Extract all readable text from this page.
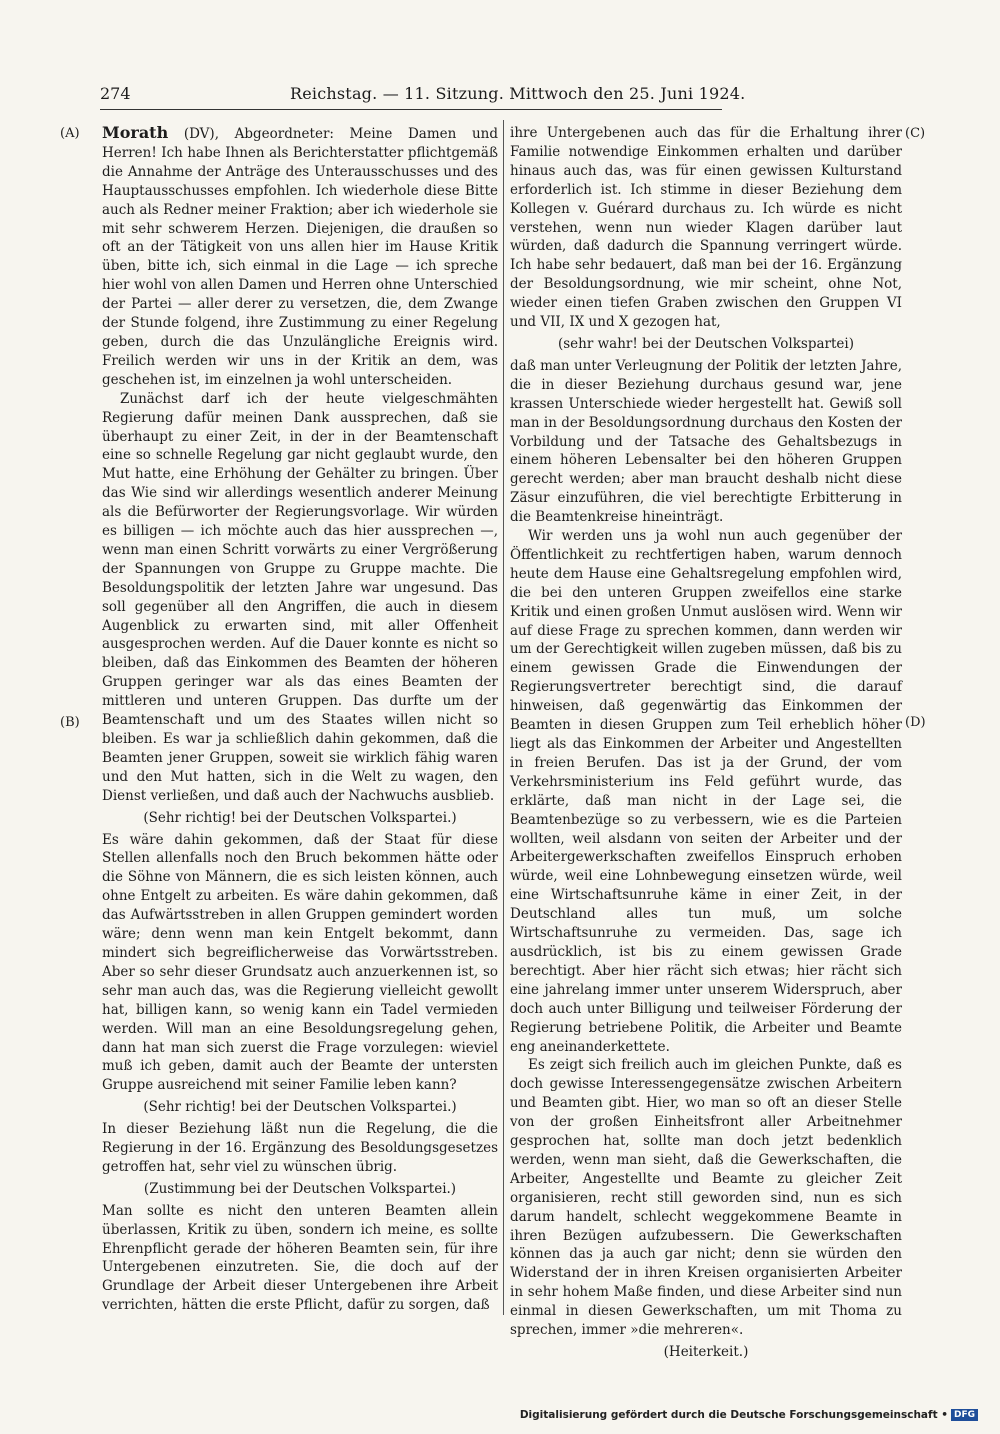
274	Reichstag. — 11. Sitzung. Mittwoch den 25. Juni 1924.
(A)
(B)
(C)
(D)

Morath (DV), Abgeordneter: Meine Damen und Herren! Ich habe Ihnen als Berichterstatter pflichtgemäß die Annahme der Anträge des Unterausschusses und des Hauptausschusses empfohlen. Ich wiederhole diese Bitte auch als Redner meiner Fraktion; aber ich wiederhole sie mit sehr schwerem Herzen. Diejenigen, die draußen so oft an der Tätigkeit von uns allen hier im Hause Kritik üben, bitte ich, sich einmal in die Lage — ich spreche hier wohl von allen Damen und Herren ohne Unterschied der Partei — aller derer zu versetzen, die, dem Zwange der Stunde folgend, ihre Zustimmung zu einer Regelung geben, durch die das Unzulängliche Ereignis wird. Freilich werden wir uns in der Kritik an dem, was geschehen ist, im einzelnen ja wohl unterscheiden.

Zunächst darf ich der heute vielgeschmähten Regierung dafür meinen Dank aussprechen, daß sie überhaupt zu einer Zeit, in der in der Beamtenschaft eine so schnelle Regelung gar nicht geglaubt wurde, den Mut hatte, eine Erhöhung der Gehälter zu bringen. Über das Wie sind wir allerdings wesentlich anderer Meinung als die Befürworter der Regierungsvorlage. Wir würden es billigen — ich möchte auch das hier aussprechen —, wenn man einen Schritt vorwärts zu einer Vergrößerung der Spannungen von Gruppe zu Gruppe machte. Die Besoldungspolitik der letzten Jahre war ungesund. Das soll gegenüber all den Angriffen, die auch in diesem Augenblick zu erwarten sind, mit aller Offenheit ausgesprochen werden. Auf die Dauer konnte es nicht so bleiben, daß das Einkommen des Beamten der höheren Gruppen geringer war als das eines Beamten der mittleren und unteren Gruppen. Das durfte um der Beamtenschaft und um des Staates willen nicht so bleiben. Es war ja schließlich dahin gekommen, daß die Beamten jener Gruppen, soweit sie wirklich fähig waren und den Mut hatten, sich in die Welt zu wagen, den Dienst verließen, und daß auch der Nachwuchs ausblieb.

(Sehr richtig! bei der Deutschen Volkspartei.)

Es wäre dahin gekommen, daß der Staat für diese Stellen allenfalls noch den Bruch bekommen hätte oder die Söhne von Männern, die es sich leisten können, auch ohne Entgelt zu arbeiten. Es wäre dahin gekommen, daß das Aufwärtsstreben in allen Gruppen gemindert worden wäre; denn wenn man kein Entgelt bekommt, dann mindert sich begreiflicherweise das Vorwärtsstreben. Aber so sehr dieser Grundsatz auch anzuerkennen ist, so sehr man auch das, was die Regierung vielleicht gewollt hat, billigen kann, so wenig kann ein Tadel vermieden werden. Will man an eine Besoldungsregelung gehen, dann hat man sich zuerst die Frage vorzulegen: wieviel muß ich geben, damit auch der Beamte der untersten Gruppe ausreichend mit seiner Familie leben kann?

(Sehr richtig! bei der Deutschen Volkspartei.)

In dieser Beziehung läßt nun die Regelung, die die Regierung in der 16. Ergänzung des Besoldungsgesetzes getroffen hat, sehr viel zu wünschen übrig.

(Zustimmung bei der Deutschen Volkspartei.)

Man sollte es nicht den unteren Beamten allein überlassen, Kritik zu üben, sondern ich meine, es sollte Ehrenpflicht gerade der höheren Beamten sein, für ihre Untergebenen einzutreten. Sie, die doch auf der Grundlage der Arbeit dieser Untergebenen ihre Arbeit verrichten, hätten die erste Pflicht, dafür zu sorgen, daß

ihre Untergebenen auch das für die Erhaltung ihrer Familie notwendige Einkommen erhalten und darüber hinaus auch das, was für einen gewissen Kulturstand erforderlich ist. Ich stimme in dieser Beziehung dem Kollegen v. Guérard durchaus zu. Ich würde es nicht verstehen, wenn nun wieder Klagen darüber laut würden, daß dadurch die Spannung verringert würde. Ich habe sehr bedauert, daß man bei der 16. Ergänzung der Besoldungsordnung, wie mir scheint, ohne Not, wieder einen tiefen Graben zwischen den Gruppen VI und VII, IX und X gezogen hat,

(sehr wahr! bei der Deutschen Volkspartei)

daß man unter Verleugnung der Politik der letzten Jahre, die in dieser Beziehung durchaus gesund war, jene krassen Unterschiede wieder hergestellt hat. Gewiß soll man in der Besoldungsordnung durchaus den Kosten der Vorbildung und der Tatsache des Gehaltsbezugs in einem höheren Lebensalter bei den höheren Gruppen gerecht werden; aber man braucht deshalb nicht diese Zäsur einzuführen, die viel berechtigte Erbitterung in die Beamtenkreise hineinträgt.

Wir werden uns ja wohl nun auch gegenüber der Öffentlichkeit zu rechtfertigen haben, warum dennoch heute dem Hause eine Gehaltsregelung empfohlen wird, die bei den unteren Gruppen zweifellos eine starke Kritik und einen großen Unmut auslösen wird. Wenn wir auf diese Frage zu sprechen kommen, dann werden wir um der Gerechtigkeit willen zugeben müssen, daß bis zu einem gewissen Grade die Einwendungen der Regierungsvertreter berechtigt sind, die darauf hinweisen, daß gegenwärtig das Einkommen der Beamten in diesen Gruppen zum Teil erheblich höher liegt als das Einkommen der Arbeiter und Angestellten in freien Berufen. Das ist ja der Grund, der vom Verkehrsministerium ins Feld geführt wurde, das erklärte, daß man nicht in der Lage sei, die Beamtenbezüge so zu verbessern, wie es die Parteien wollten, weil alsdann von seiten der Arbeiter und der Arbeitergewerkschaften zweifellos Einspruch erhoben würde, weil eine Lohnbewegung einsetzen würde, weil eine Wirtschaftsunruhe käme in einer Zeit, in der Deutschland alles tun muß, um solche Wirtschaftsunruhe zu vermeiden. Das, sage ich ausdrücklich, ist bis zu einem gewissen Grade berechtigt. Aber hier rächt sich etwas; hier rächt sich eine jahrelang immer unter unserem Widerspruch, aber doch auch unter Billigung und teilweiser Förderung der Regierung betriebene Politik, die Arbeiter und Beamte eng aneinanderkettete.

Es zeigt sich freilich auch im gleichen Punkte, daß es doch gewisse Interessengegensätze zwischen Arbeitern und Beamten gibt. Hier, wo man so oft an dieser Stelle von der großen Einheitsfront aller Arbeitnehmer gesprochen hat, sollte man doch jetzt bedenklich werden, wenn man sieht, daß die Gewerkschaften, die Arbeiter, Angestellte und Beamte zu gleicher Zeit organisieren, recht still geworden sind, nun es sich darum handelt, schlecht weggekommene Beamte in ihren Bezügen aufzubessern. Die Gewerkschaften können das ja auch gar nicht; denn sie würden den Widerstand der in ihren Kreisen organisierten Arbeiter in sehr hohem Maße finden, und diese Arbeiter sind nun einmal in diesen Gewerkschaften, um mit Thoma zu sprechen, immer »die mehreren«.

(Heiterkeit.)

Digitalisierung gefördert durch die Deutsche Forschungsgemeinschaft • DFG
